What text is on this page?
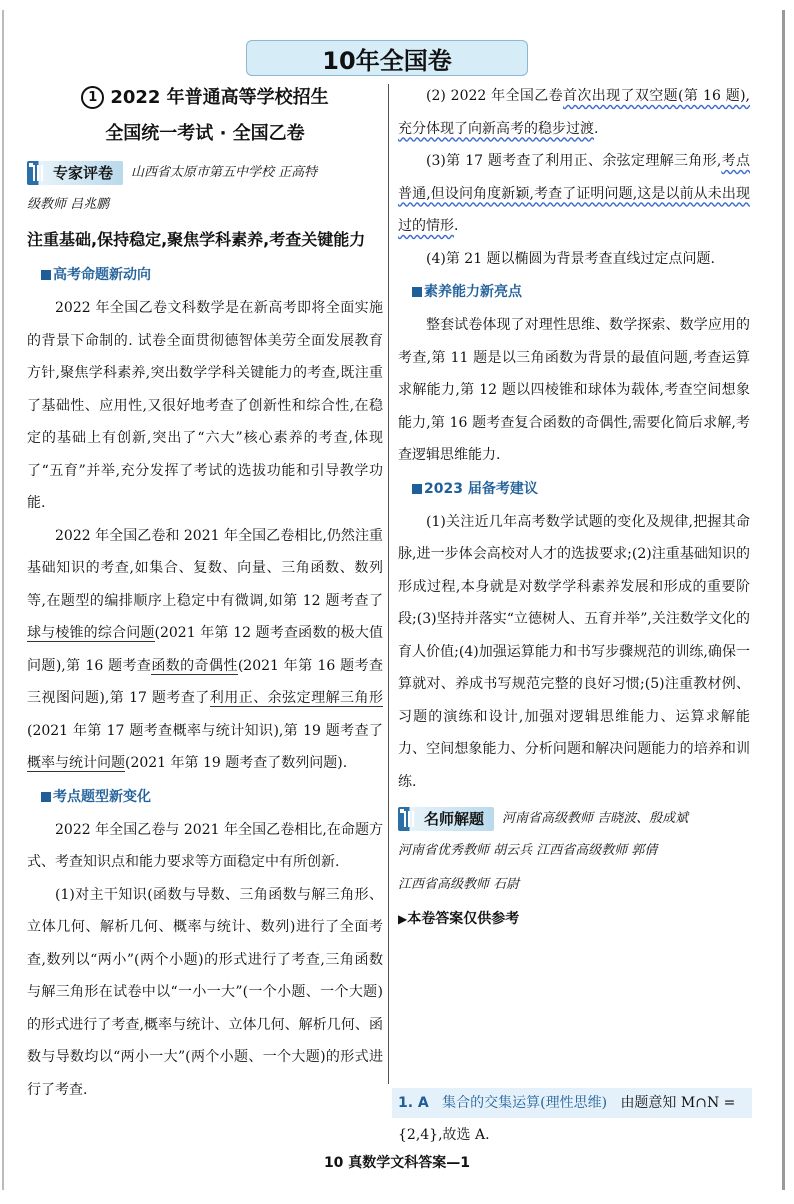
10年全国卷
1 2022 年普通高等学校招生
全国统一考试 · 全国乙卷
专家评卷 山西省太原市第五中学校 正高特
级教师 吕兆鹏
注重基础,保持稳定,聚焦学科素养,考查关键能力
高考命题新动向

2022 年全国乙卷文科数学是在新高考即将全面实施的背景下命制的. 试卷全面贯彻德智体美劳全面发展教育方针,聚焦学科素养,突出数学学科关键能力的考查,既注重了基础性、应用性,又很好地考查了创新性和综合性,在稳定的基础上有创新,突出了“六大”核心素养的考查,体现了“五育”并举,充分发挥了考试的选拔功能和引导教学功能.

2022 年全国乙卷和 2021 年全国乙卷相比,仍然注重基础知识的考查,如集合、复数、向量、三角函数、数列等,在题型的编排顺序上稳定中有微调,如第 12 题考查了球与棱锥的综合问题(2021 年第 12 题考查函数的极大值问题),第 16 题考查函数的奇偶性(2021 年第 16 题考查三视图问题),第 17 题考查了利用正、余弦定理解三角形(2021 年第 17 题考查概率与统计知识),第 19 题考查了概率与统计问题(2021 年第 19 题考查了数列问题).

考点题型新变化

2022 年全国乙卷与 2021 年全国乙卷相比,在命题方式、考查知识点和能力要求等方面稳定中有所创新.

(1)对主干知识(函数与导数、三角函数与解三角形、立体几何、解析几何、概率与统计、数列)进行了全面考查,数列以“两小”(两个小题)的形式进行了考查,三角函数与解三角形在试卷中以“一小一大”(一个小题、一个大题)的形式进行了考查,概率与统计、立体几何、解析几何、函数与导数均以“两小一大”(两个小题、一个大题)的形式进行了考查.

(2) 2022 年全国乙卷首次出现了双空题(第 16 题),充分体现了向新高考的稳步过渡.

(3)第 17 题考查了利用正、余弦定理解三角形,考点普通,但设问角度新颖,考查了证明问题,这是以前从未出现过的情形.

(4)第 21 题以椭圆为背景考查直线过定点问题.

素养能力新亮点

整套试卷体现了对理性思维、数学探索、数学应用的考查,第 11 题是以三角函数为背景的最值问题,考查运算求解能力,第 12 题以四棱锥和球体为载体,考查空间想象能力,第 16 题考查复合函数的奇偶性,需要化简后求解,考查逻辑思维能力.

2023 届备考建议

(1)关注近几年高考数学试题的变化及规律,把握其命脉,进一步体会高校对人才的选拔要求;(2)注重基础知识的形成过程,本身就是对数学学科素养发展和形成的重要阶段;(3)坚持并落实“立德树人、五育并举”,关注数学文化的育人价值;(4)加强运算能力和书写步骤规范的训练,确保一算就对、养成书写规范完整的良好习惯;(5)注重教材例、习题的演练和设计,加强对逻辑思维能力、运算求解能力、空间想象能力、分析问题和解决问题能力的培养和训练.

名师解题 河南省高级教师 吉晓波、殷成斌
河南省优秀教师 胡云兵 江西省高级教师 郭倩
江西省高级教师 石尉
▶本卷答案仅供参考
1. A 集合的交集运算(理性思维) 由题意知 M∩N =
{2,4},故选 A.
10 真数学文科答案—1
